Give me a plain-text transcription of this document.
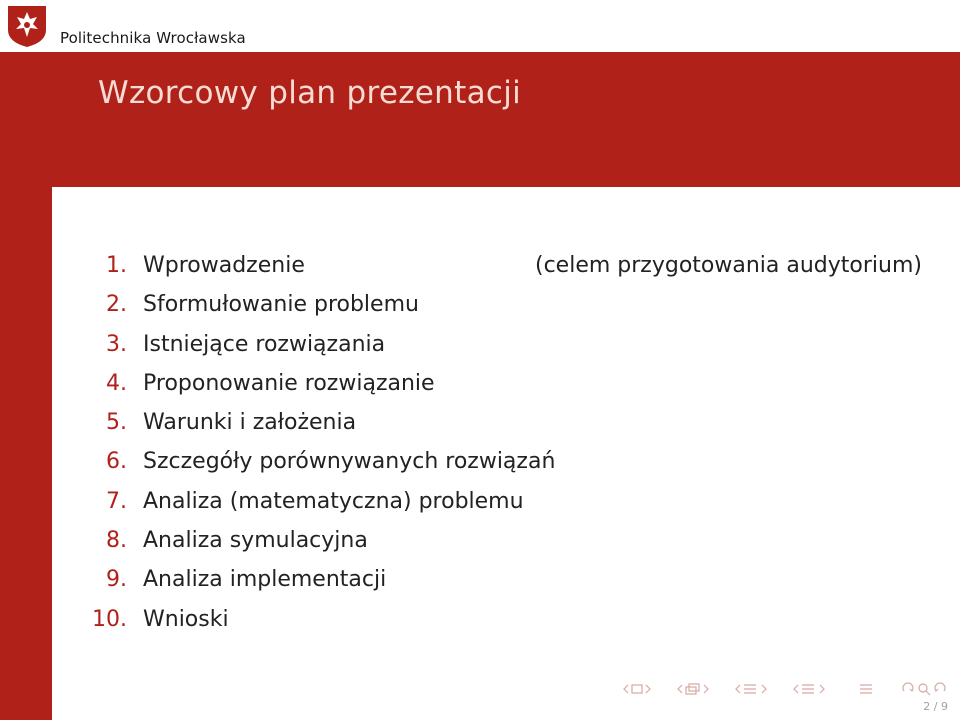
Politechnika Wrocławska
Wzorcowy plan prezentacji
1. Wprowadzenie
2. Sformułowanie problemu
3. Istniejące rozwiązania
4. Proponowanie rozwiązanie
5. Warunki i założenia
6. Szczegóły porównywanych rozwiązań
7. Analiza (matematyczna) problemu
8. Analiza symulacyjna
9. Analiza implementacji
10. Wnioski
(celem przygotowania audytorium)
2 / 9
